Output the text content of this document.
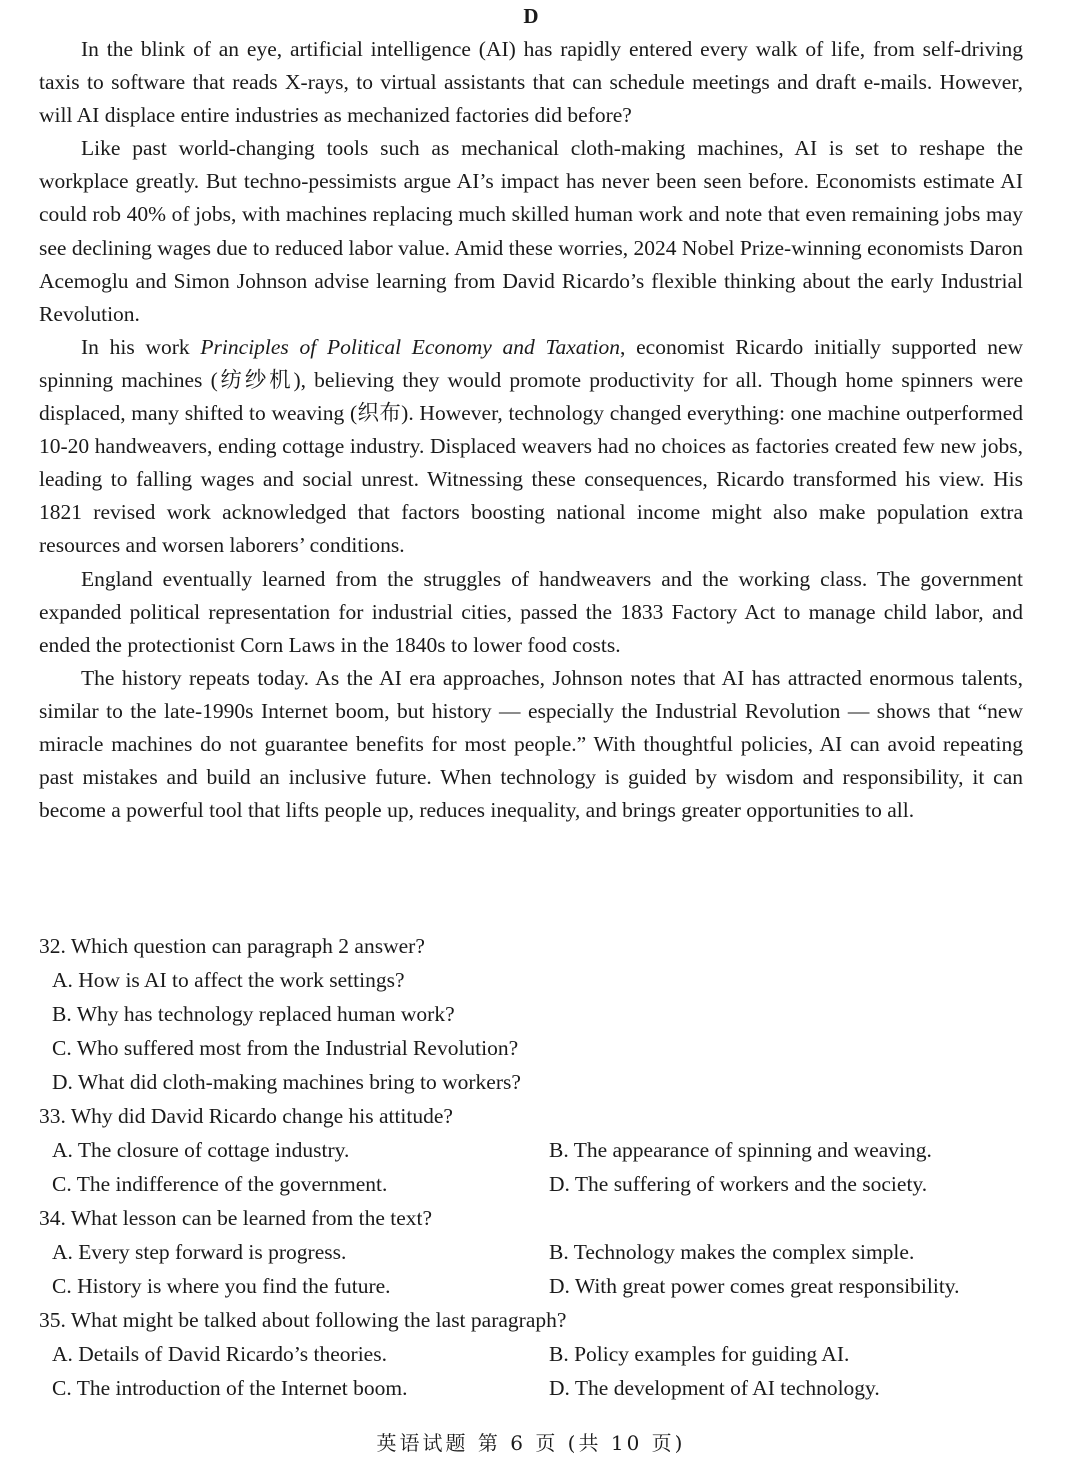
D

In the blink of an eye, artificial intelligence (AI) has rapidly entered every walk of life, from self-driving taxis to software that reads X-rays, to virtual assistants that can schedule meetings and draft e-mails. However, will AI displace entire industries as mechanized factories did before?

Like past world-changing tools such as mechanical cloth-making machines, AI is set to reshape the workplace greatly. But techno-pessimists argue AI’s impact has never been seen before. Economists estimate AI could rob 40% of jobs, with machines replacing much skilled human work and note that even remaining jobs may see declining wages due to reduced labor value. Amid these worries, 2024 Nobel Prize-winning economists Daron Acemoglu and Simon Johnson advise learning from David Ricardo’s flexible thinking about the early Industrial Revolution.

In his work Principles of Political Economy and Taxation, economist Ricardo initially supported new spinning machines (纺纱机), believing they would promote productivity for all. Though home spinners were displaced, many shifted to weaving (织布). However, technology changed everything: one machine outperformed 10-20 handweavers, ending cottage industry. Displaced weavers had no choices as factories created few new jobs, leading to falling wages and social unrest. Witnessing these consequences, Ricardo transformed his view. His 1821 revised work acknowledged that factors boosting national income might also make population extra resources and worsen laborers’ conditions.

England eventually learned from the struggles of handweavers and the working class. The government expanded political representation for industrial cities, passed the 1833 Factory Act to manage child labor, and ended the protectionist Corn Laws in the 1840s to lower food costs.

The history repeats today. As the AI era approaches, Johnson notes that AI has attracted enormous talents, similar to the late-1990s Internet boom, but history — especially the Industrial Revolution — shows that “new miracle machines do not guarantee benefits for most people.” With thoughtful policies, AI can avoid repeating past mistakes and build an inclusive future. When technology is guided by wisdom and responsibility, it can become a powerful tool that lifts people up, reduces inequality, and brings greater opportunities to all.

32. Which question can paragraph 2 answer?

A. How is AI to affect the work settings?

B. Why has technology replaced human work?

C. Who suffered most from the Industrial Revolution?

D. What did cloth-making machines bring to workers?

33. Why did David Ricardo change his attitude?

A. The closure of cottage industry.	B. The appearance of spinning and weaving.

C. The indifference of the government.	D. The suffering of workers and the society.

34. What lesson can be learned from the text?

A. Every step forward is progress.	B. Technology makes the complex simple.

C. History is where you find the future.	D. With great power comes great responsibility.

35. What might be talked about following the last paragraph?

A. Details of David Ricardo’s theories.	B. Policy examples for guiding AI.

C. The introduction of the Internet boom.	D. The development of AI technology.

英语试题 第 6 页 (共 10 页)
